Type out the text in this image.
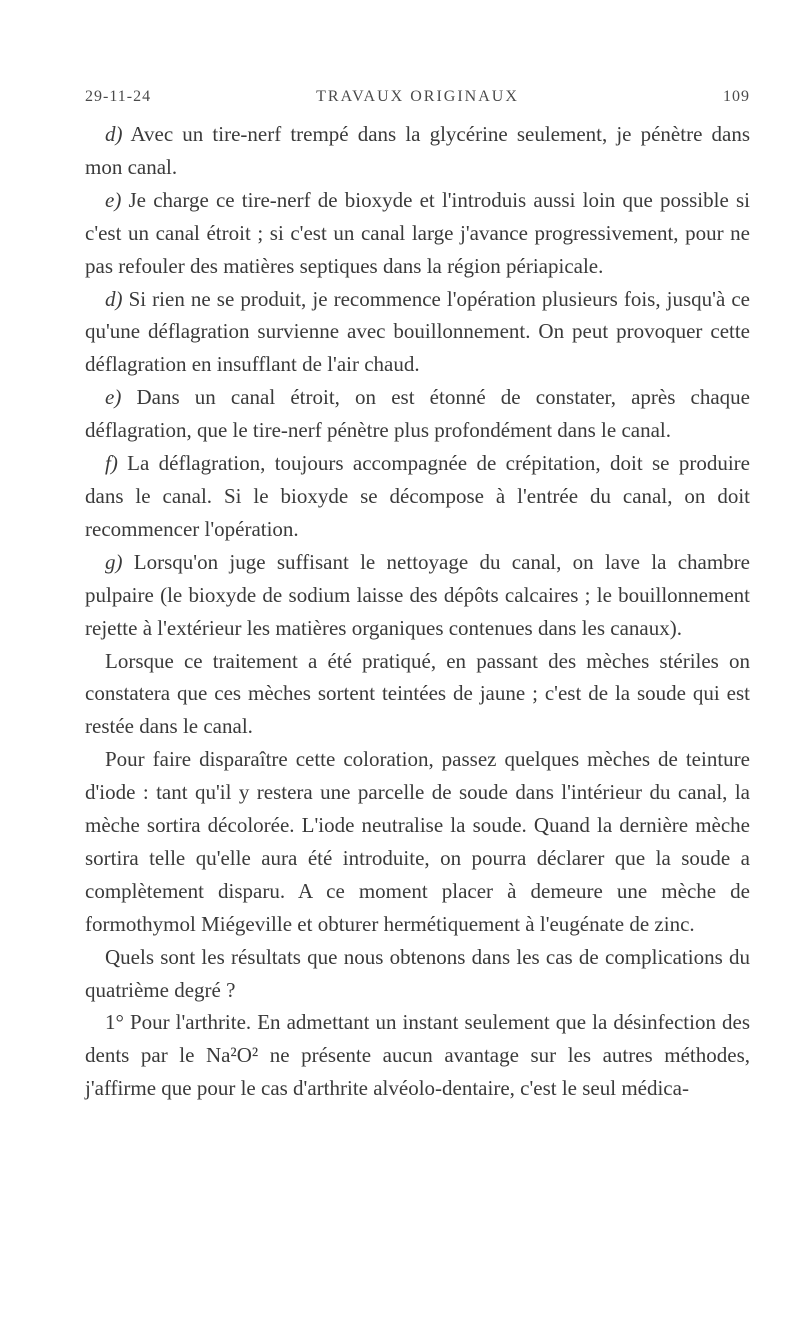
29-11-24	TRAVAUX ORIGINAUX	109

d) Avec un tire-nerf trempé dans la glycérine seulement, je pénètre dans mon canal.

e) Je charge ce tire-nerf de bioxyde et l'introduis aussi loin que possible si c'est un canal étroit ; si c'est un canal large j'avance progressivement, pour ne pas refouler des matières septiques dans la région périapicale.

d) Si rien ne se produit, je recommence l'opération plusieurs fois, jusqu'à ce qu'une déflagration survienne avec bouillonnement. On peut provoquer cette déflagration en insufflant de l'air chaud.

e) Dans un canal étroit, on est étonné de constater, après chaque déflagration, que le tire-nerf pénètre plus profondément dans le canal.

f) La déflagration, toujours accompagnée de crépitation, doit se produire dans le canal. Si le bioxyde se décompose à l'entrée du canal, on doit recommencer l'opération.

g) Lorsqu'on juge suffisant le nettoyage du canal, on lave la chambre pulpaire (le bioxyde de sodium laisse des dépôts calcaires ; le bouillonnement rejette à l'extérieur les matières organiques contenues dans les canaux).

Lorsque ce traitement a été pratiqué, en passant des mèches stériles on constatera que ces mèches sortent teintées de jaune ; c'est de la soude qui est restée dans le canal.

Pour faire disparaître cette coloration, passez quelques mèches de teinture d'iode : tant qu'il y restera une parcelle de soude dans l'intérieur du canal, la mèche sortira décolorée. L'iode neutralise la soude. Quand la dernière mèche sortira telle qu'elle aura été introduite, on pourra déclarer que la soude a complètement disparu. A ce moment placer à demeure une mèche de formothymol Miégeville et obturer hermétiquement à l'eugénate de zinc.

Quels sont les résultats que nous obtenons dans les cas de complications du quatrième degré ?

1° Pour l'arthrite. En admettant un instant seulement que la désinfection des dents par le Na²O² ne présente aucun avantage sur les autres méthodes, j'affirme que pour le cas d'arthrite alvéolo-dentaire, c'est le seul médica-
